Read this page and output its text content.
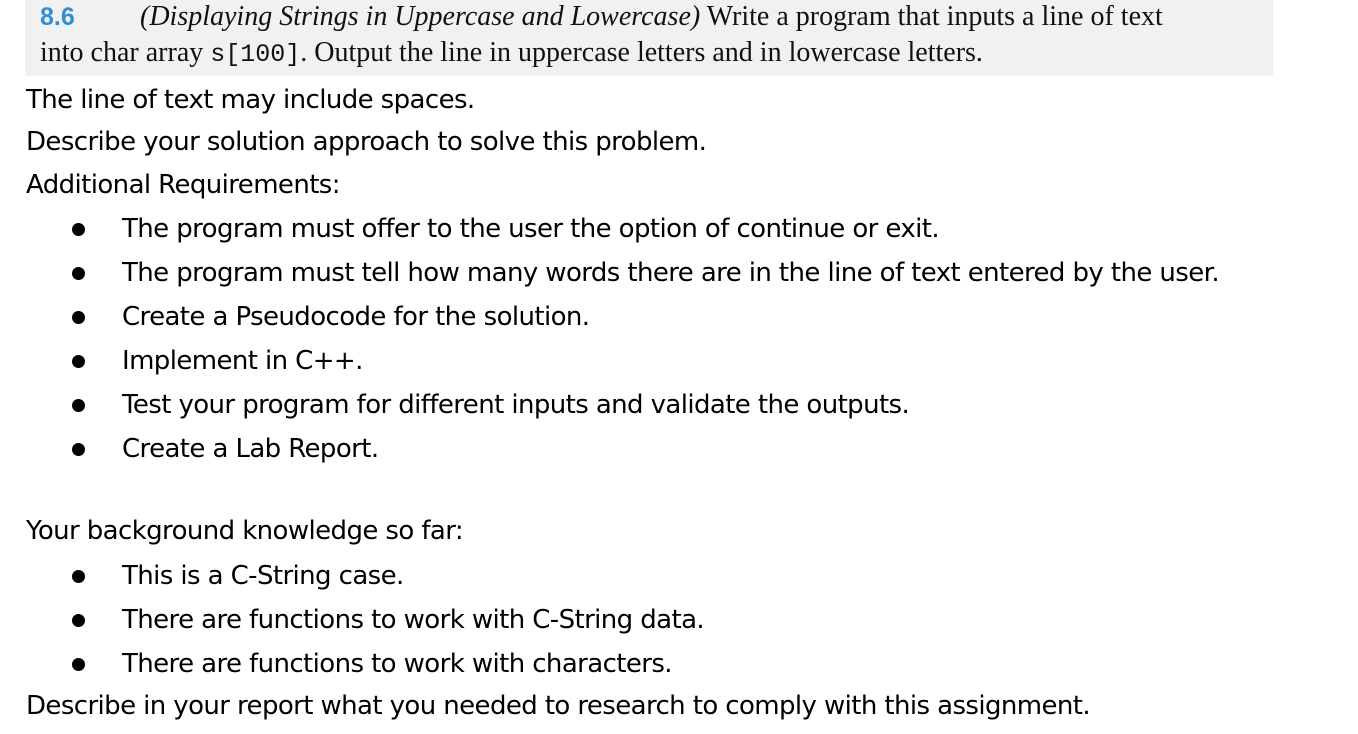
8.6 (Displaying Strings in Uppercase and Lowercase) Write a program that inputs a line of text
into char array s[100]. Output the line in uppercase letters and in lowercase letters.
The line of text may include spaces.
Describe your solution approach to solve this problem.
Additional Requirements:
The program must offer to the user the option of continue or exit.
The program must tell how many words there are in the line of text entered by the user.
Create a Pseudocode for the solution.
Implement in C++.
Test your program for different inputs and validate the outputs.
Create a Lab Report.
Your background knowledge so far:
This is a C-String case.
There are functions to work with C-String data.
There are functions to work with characters.
Describe in your report what you needed to research to comply with this assignment.
